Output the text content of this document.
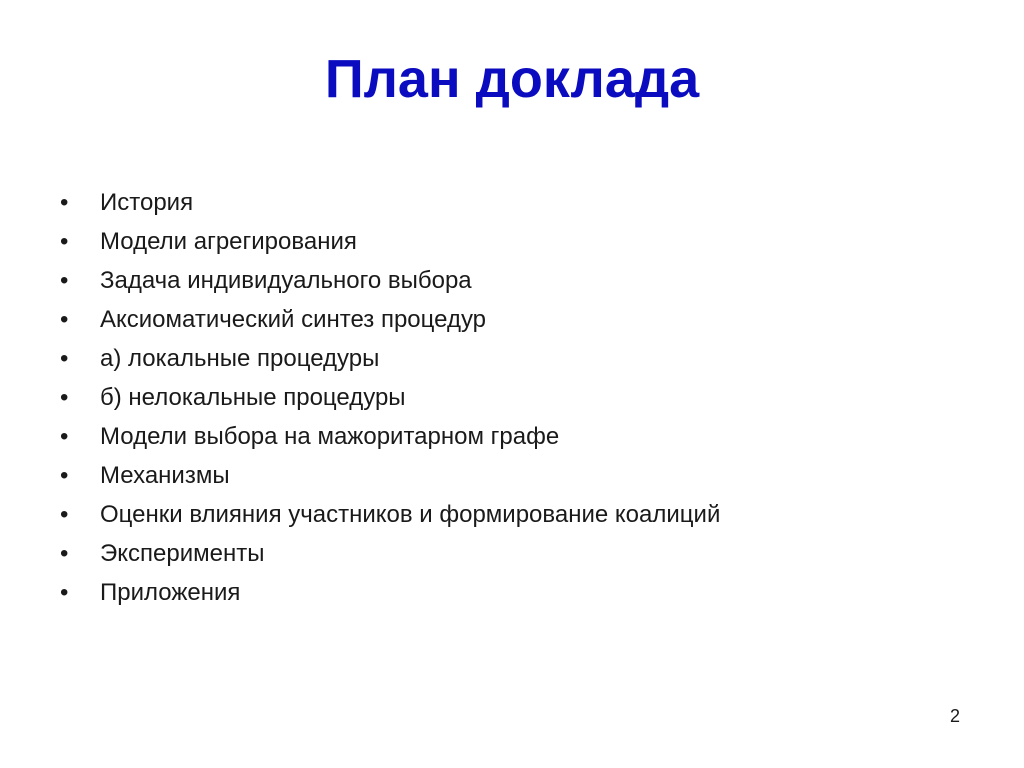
План доклада
•	История
•	Модели агрегирования
•	Задача индивидуального выбора
•	Аксиоматический синтез процедур
•	а) локальные процедуры
•	б) нелокальные процедуры
•	Модели выбора на мажоритарном графе
•	Механизмы
•	Оценки влияния участников и формирование коалиций
•	Эксперименты
•	Приложения
2
